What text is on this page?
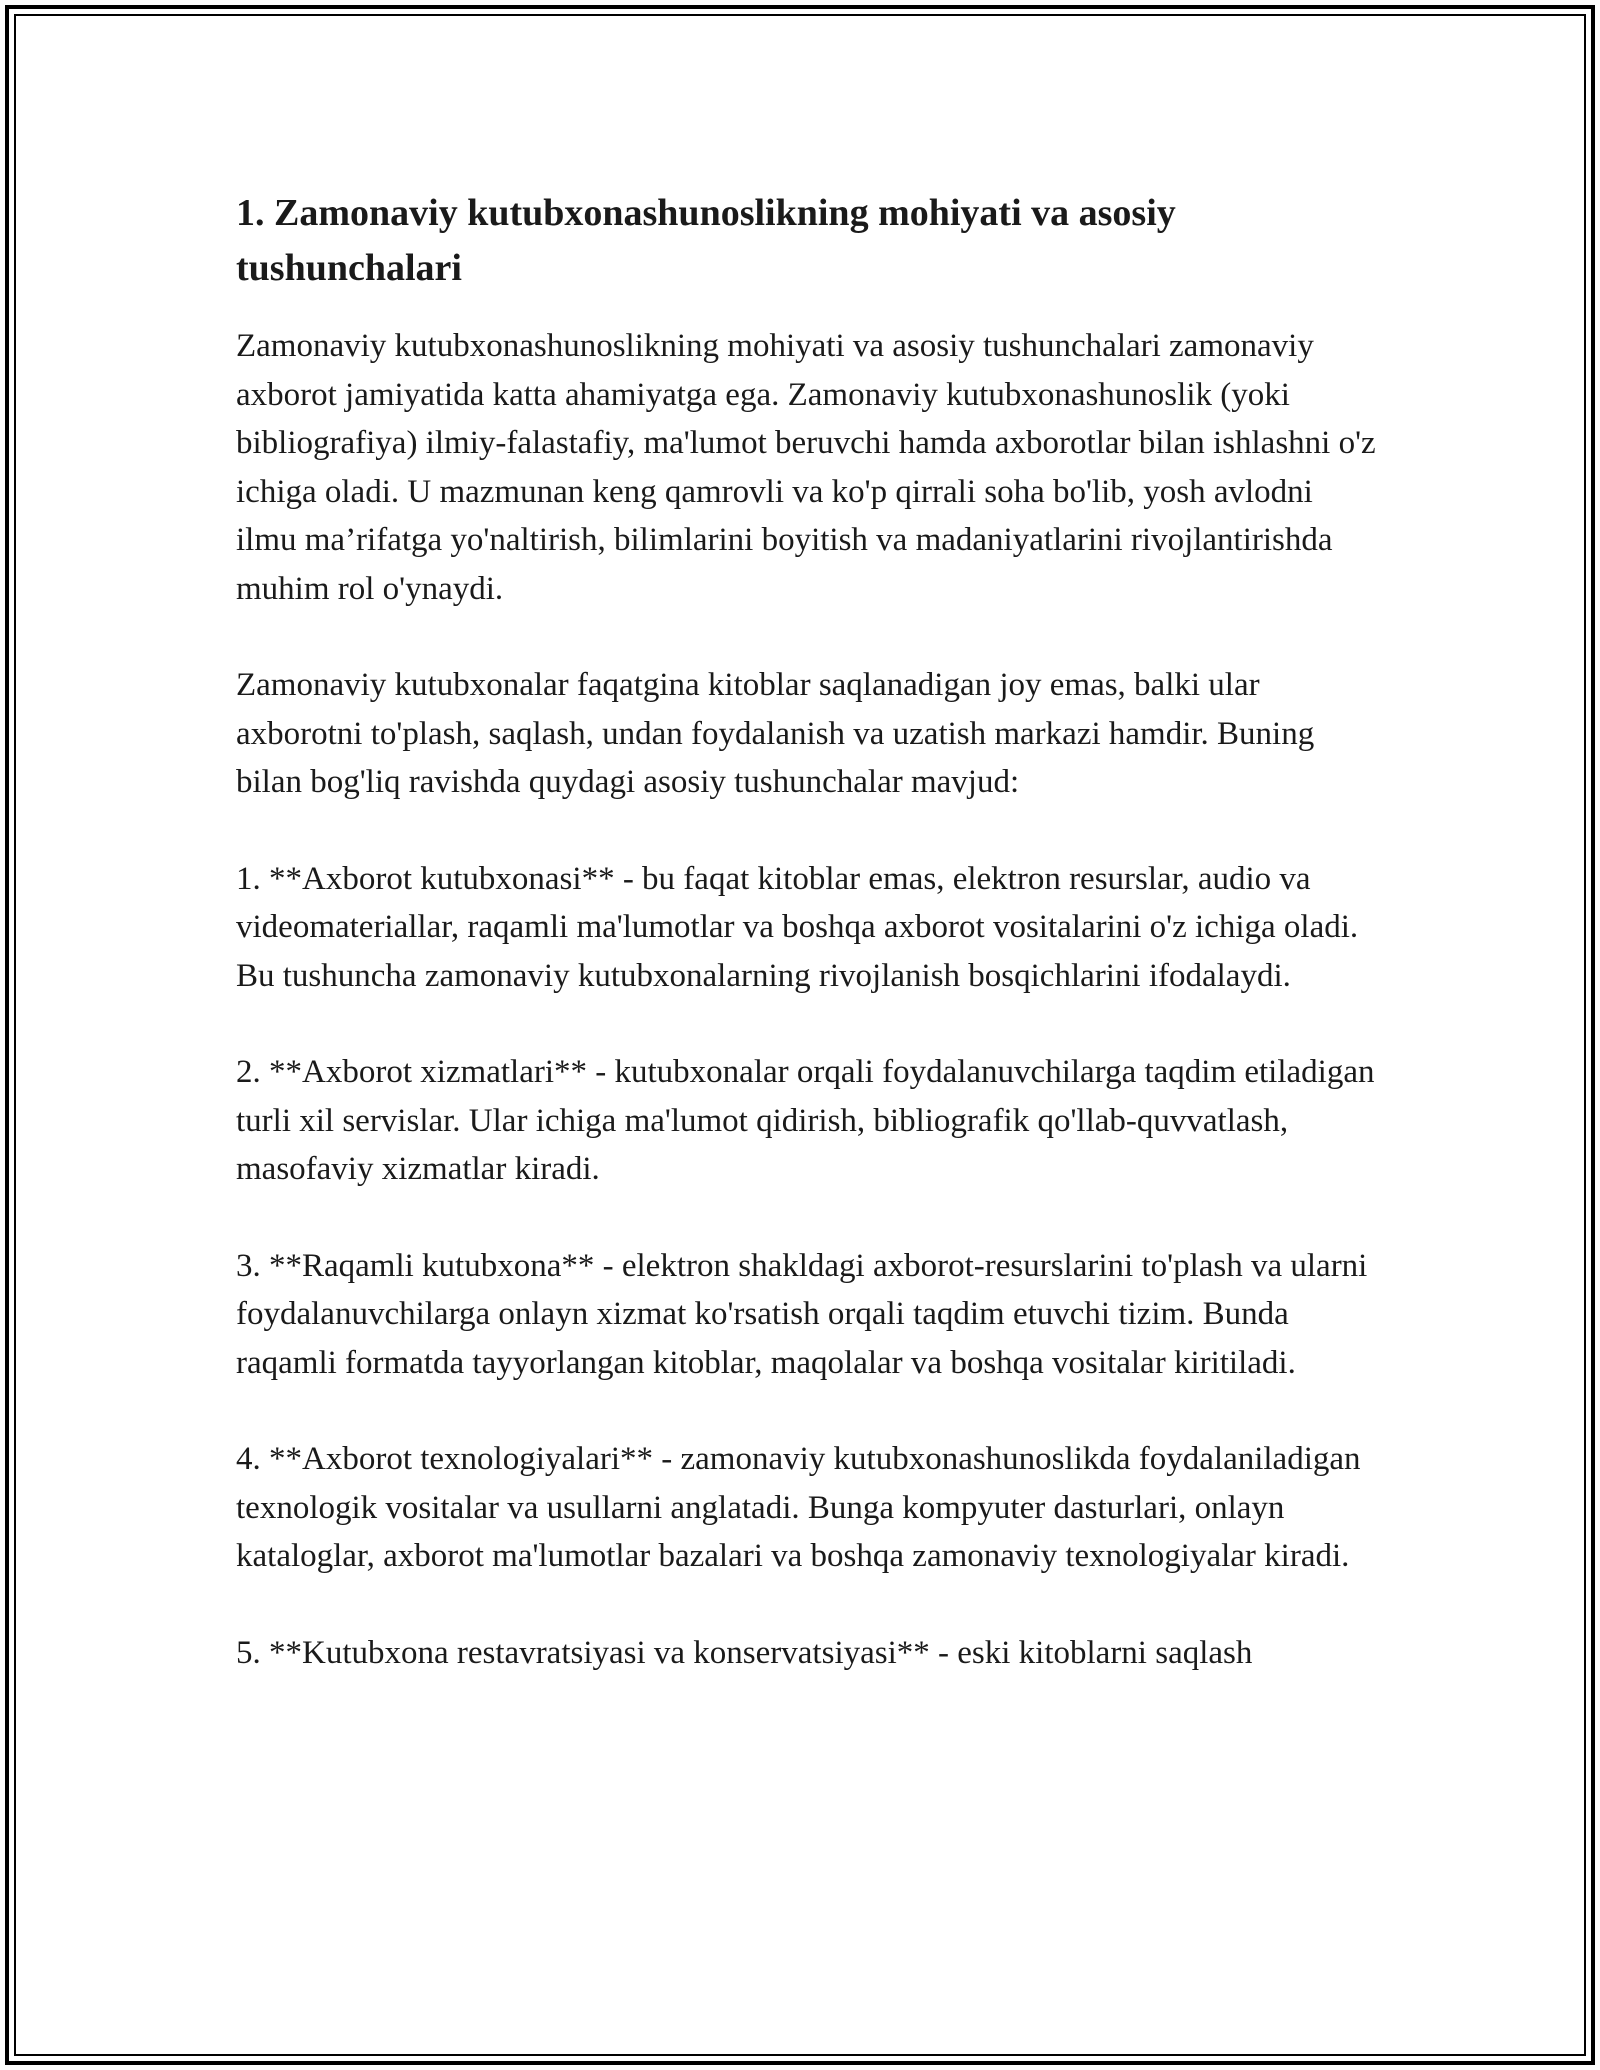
1. Zamonaviy kutubxonashunoslikning mohiyati va asosiy tushunchalari

Zamonaviy kutubxonashunoslikning mohiyati va asosiy tushunchalari zamonaviy axborot jamiyatida katta ahamiyatga ega. Zamonaviy kutubxonashunoslik (yoki bibliografiya) ilmiy-falastafiy, ma'lumot beruvchi hamda axborotlar bilan ishlashni o'z ichiga oladi. U mazmunan keng qamrovli va ko'p qirrali soha bo'lib, yosh avlodni ilmu ma’rifatga yo'naltirish, bilimlarini boyitish va madaniyatlarini rivojlantirishda muhim rol o'ynaydi.

Zamonaviy kutubxonalar faqatgina kitoblar saqlanadigan joy emas, balki ular axborotni to'plash, saqlash, undan foydalanish va uzatish markazi hamdir. Buning bilan bog'liq ravishda quydagi asosiy tushunchalar mavjud:

1. **Axborot kutubxonasi** - bu faqat kitoblar emas, elektron resurslar, audio va videomateriallar, raqamli ma'lumotlar va boshqa axborot vositalarini o'z ichiga oladi. Bu tushuncha zamonaviy kutubxonalarning rivojlanish bosqichlarini ifodalaydi.

2. **Axborot xizmatlari** - kutubxonalar orqali foydalanuvchilarga taqdim etiladigan turli xil servislar. Ular ichiga ma'lumot qidirish, bibliografik qo'llab-quvvatlash, masofaviy xizmatlar kiradi.

3. **Raqamli kutubxona** - elektron shakldagi axborot-resurslarini to'plash va ularni foydalanuvchilarga onlayn xizmat ko'rsatish orqali taqdim etuvchi tizim. Bunda raqamli formatda tayyorlangan kitoblar, maqolalar va boshqa vositalar kiritiladi.

4. **Axborot texnologiyalari** - zamonaviy kutubxonashunoslikda foydalaniladigan texnologik vositalar va usullarni anglatadi. Bunga kompyuter dasturlari, onlayn kataloglar, axborot ma'lumotlar bazalari va boshqa zamonaviy texnologiyalar kiradi.

5. **Kutubxona restavratsiyasi va konservatsiyasi** - eski kitoblarni saqlash
